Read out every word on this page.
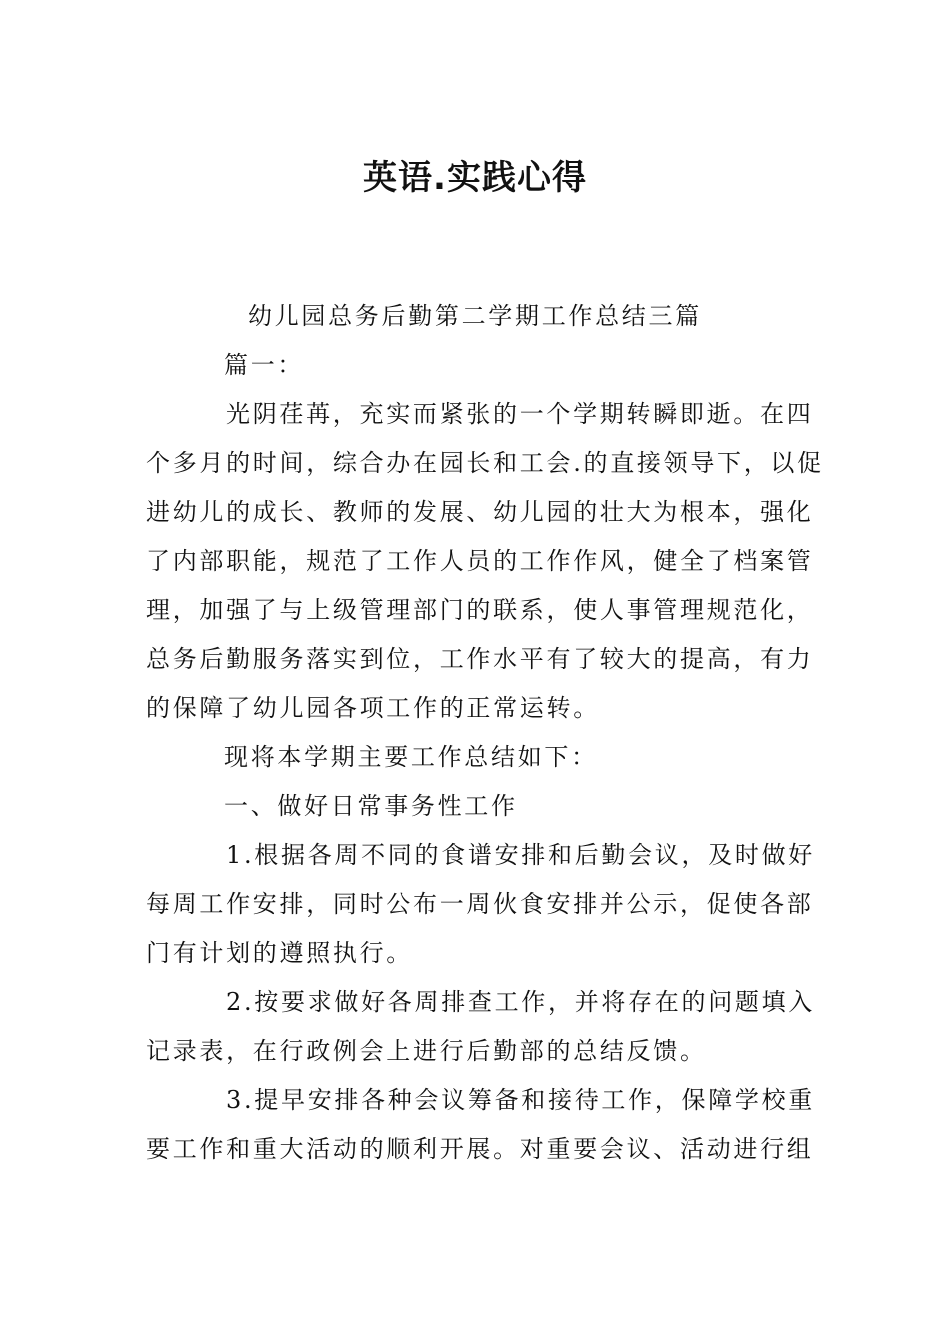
英语.实践心得
幼儿园总务后勤第二学期工作总结三篇
篇一：
光阴荏苒，充实而紧张的一个学期转瞬即逝。在四
个多月的时间，综合办在园长和工会.的直接领导下，以促
进幼儿的成长、教师的发展、幼儿园的壮大为根本，强化
了内部职能，规范了工作人员的工作作风，健全了档案管
理，加强了与上级管理部门的联系，使人事管理规范化，
总务后勤服务落实到位，工作水平有了较大的提高，有力
的保障了幼儿园各项工作的正常运转。
现将本学期主要工作总结如下：
一、做好日常事务性工作
1.根据各周不同的食谱安排和后勤会议，及时做好
每周工作安排，同时公布一周伙食安排并公示，促使各部
门有计划的遵照执行。
2.按要求做好各周排查工作，并将存在的问题填入
记录表，在行政例会上进行后勤部的总结反馈。
3.提早安排各种会议筹备和接待工作，保障学校重
要工作和重大活动的顺利开展。对重要会议、活动进行组
